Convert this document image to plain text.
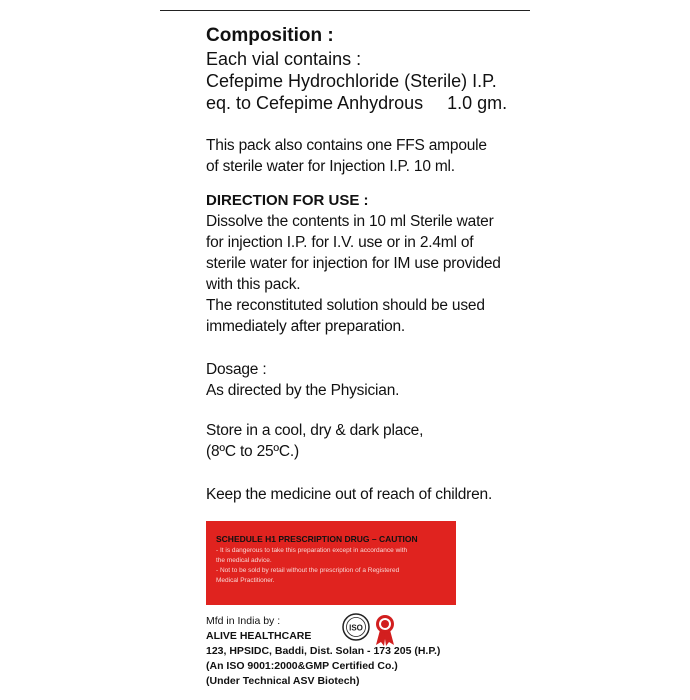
Composition :

Each vial contains :

Cefepime Hydrochloride (Sterile) I.P.

eq. to Cefepime Anhydrous 1.0 gm.

This pack also contains one FFS ampoule

of sterile water for Injection I.P. 10 ml.

DIRECTION FOR USE :

Dissolve the contents in 10 ml Sterile water

for injection I.P. for I.V. use or in 2.4ml of

sterile water for injection for IM use provided

with this pack.

The reconstituted solution should be used

immediately after preparation.

Dosage :

As directed by the Physician.

Store in a cool, dry & dark place,

(8ºC to 25ºC.)

Keep the medicine out of reach of children.

SCHEDULE H1 PRESCRIPTION DRUG – CAUTION

- It is dangerous to take this preparation except in accordance with

the medical advice.

- Not to be sold by retail without the prescription of a Registered

Medical Practitioner.

Mfd in India by :

ALIVE HEALTHCARE

123, HPSIDC, Baddi, Dist. Solan - 173 205 (H.P.)

(An ISO 9001:2000&GMP Certified Co.)

(Under Technical ASV Biotech)

ISO
